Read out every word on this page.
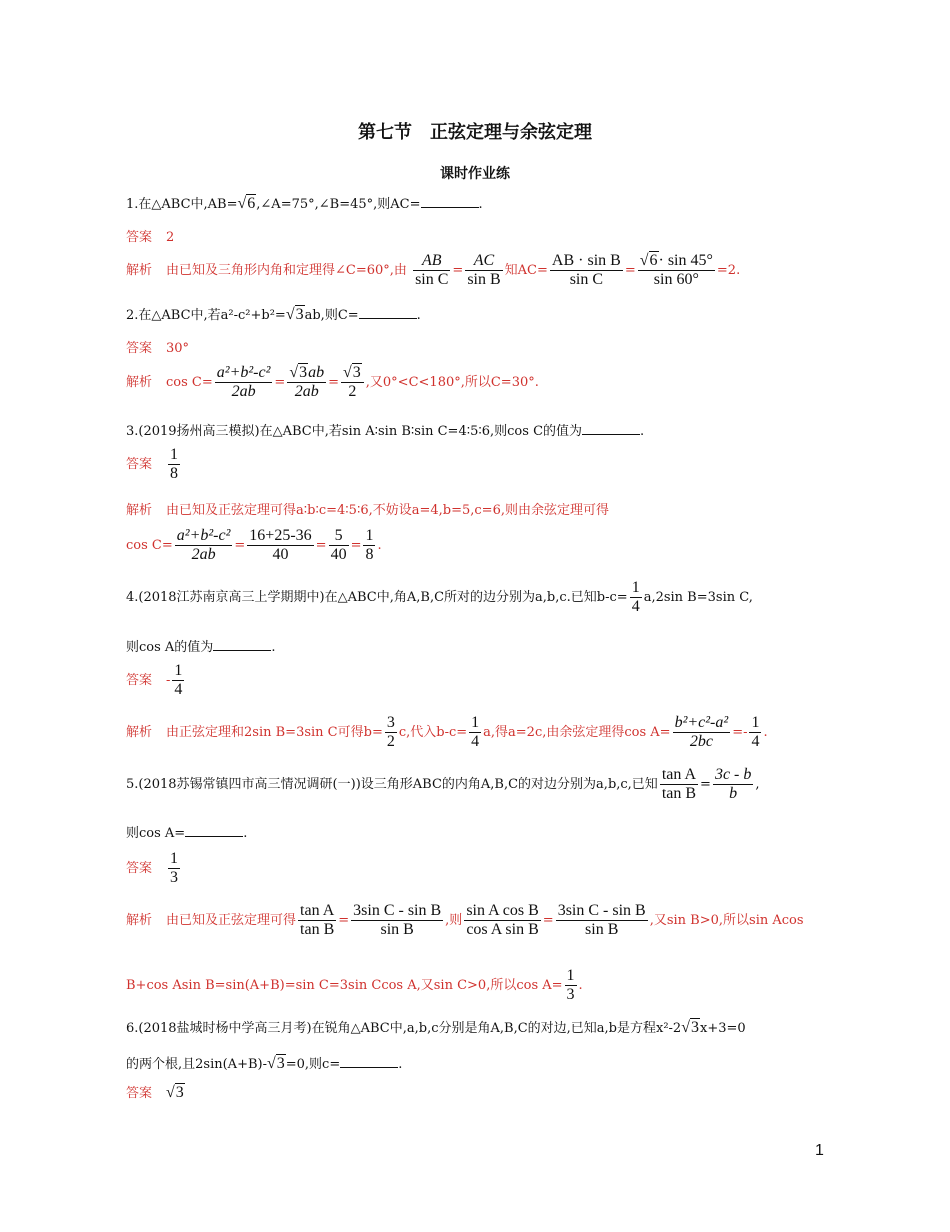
第七节　正弦定理与余弦定理
课时作业练
1.在△ABC中,AB=√6,∠A=75°,∠B=45°,则AC=	.
答案 2
解析 由已知及三角形内角和定理得∠C=60°,由 $\frac{AB}{\text{sin C}} = \frac{AC}{\text{sin B}}$ 知$AC= \frac{\text{AB · sin B}}{\text{sin C}} = \frac{√6\cdot \sin 45^\circ}{\sin 60^\circ} =2$.
2.在△ABC中,若a²-c²+b²=√3ab,则C=	.
答案 30°
解析 $\cos C= \frac{\text{a²+b²-c²}}{2ab} = \frac{√3ab}{2ab} = \frac{√3}{2}$ ,又0°<C<180°,所以C=30°.
3.(2019扬州高三模拟)在△ABC中,若sin A∶sin B∶sin C=4∶5∶6,则cos C的值为	.
答案 $\frac{1}{8}$
解析 由已知及正弦定理可得a∶b∶c=4∶5∶6,不妨设a=4,b=5,c=6,则由余弦定理可得
$\cos C= \frac{\text{a²+b²-c²}}{2ab} = \frac{16+25-36}{40} = \frac{5}{40} = \frac{1}{8}$ .
4.(2018江苏南京高三上学期期中)在△ABC中,角A,B,C所对的边分别为a,b,c.已知$b-c= \frac{1}{4} a,2\sin$ B=3sin C,
则cos A的值为	.
答案 - $\frac{1}{4}$
解析 由正弦定理和2sin B=3sin C可得$b= \frac{3}{2} c$,代入$b-c= \frac{1}{4} a$,得a=2c,由余弦定理得$\cos A= \frac{\text{b²+c²-a²}}{2bc} =- \frac{1}{4}$ .
5.(2018苏锡常镇四市高三情况调研(一))设三角形ABC的内角A,B,C的对边分别为a,b,c,已知 $\frac{\text{tan A}}{\text{tan B}} = \frac{3c - b}{b}$ ,
则cos A=	.
答案 $\frac{1}{3}$
解析 由已知及正弦定理可得 $\frac{\text{tan A}}{\text{tan B}} = \frac{\text{3sin C - sin B}}{\text{sin B}}$ ,则 $\frac{\text{sin A cos B}}{\text{cos A sin B}} = \frac{\text{3sin C - sin B}}{\text{sin B}}$ ,又sin B>0,所以sin Acos
B+cos Asin B=sin(A+B)=sin C=3sin Ccos A,又sin C>0,所以$\cos A= \frac{1}{3}$ .
6.(2018盐城时杨中学高三月考)在锐角△ABC中,a,b,c分别是角A,B,C的对边,已知a,b是方程x²-2√3x+3=0
的两个根,且2sin(A+B)-√3=0,则c=	.
答案 √3
1
